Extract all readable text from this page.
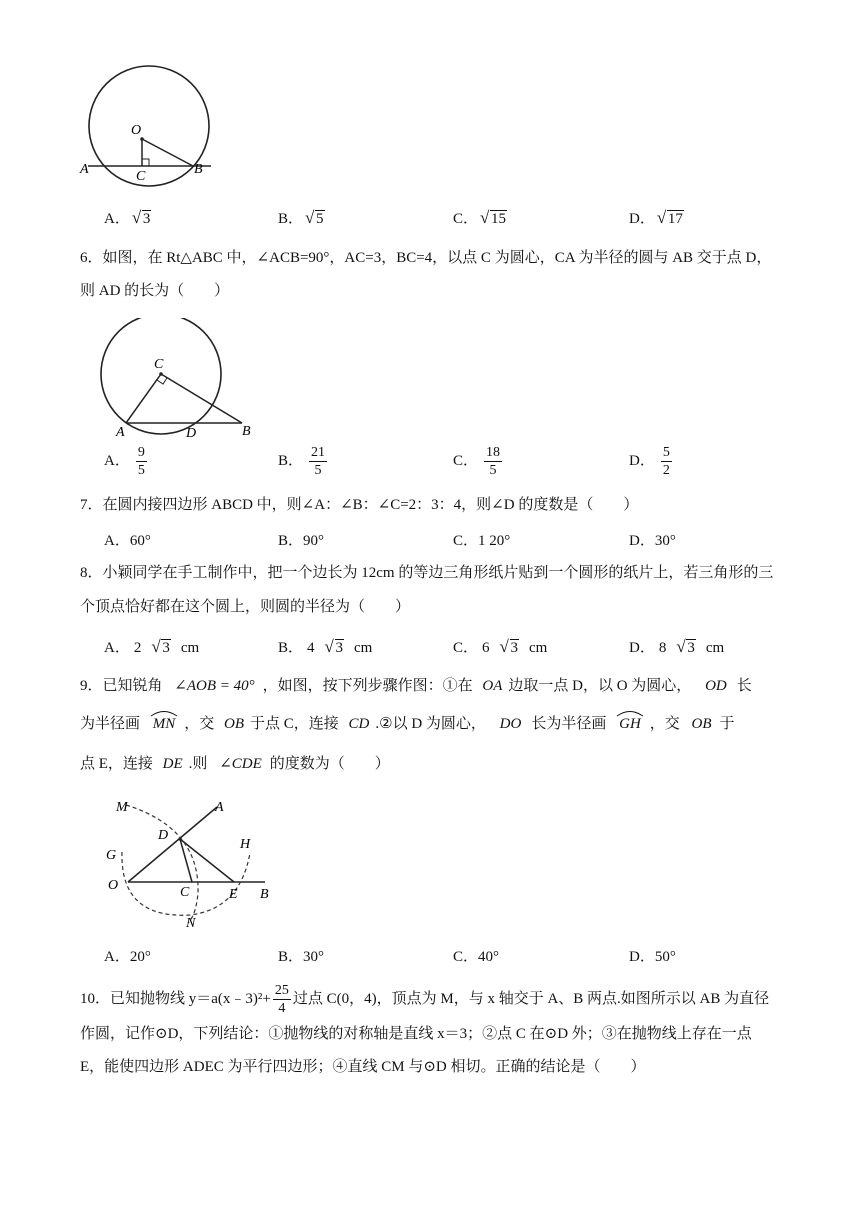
O
A	C	B
A． √ 3	B． √ 5	C． √ 15	D． √ 17
6．如图，在 Rt△ABC 中，∠ACB=90°，AC=3，BC=4，以点 C 为圆心，CA 为半径的圆与 AB 交于点 D，
则 AD 的长为（　　）
C
A	D	B
A． $\frac{9}{5}$	B． $\frac{21}{5}$	C． $\frac{18}{5}$	D． $\frac{5}{2}$
7．在圆内接四边形 ABCD 中，则∠A：∠B：∠C=2：3：4，则∠D 的度数是（　　）
A．60°	B．90°	C．1 20°	D．30°
8．小颖同学在手工制作中，把一个边长为 12cm 的等边三角形纸片贴到一个圆形的纸片上，若三角形的三
个顶点恰好都在这个圆上，则圆的半径为（　　）
A． 2 √ 3 cm	B． 4 √ 3 cm	C． 6 √ 3 cm	D． 8 √ 3 cm
9．已知锐角 ∠AOB = 40° ，如图，按下列步骤作图：①在 OA 边取一点 D，以 O 为圆心， OD 长
为半径画 MN ，交 OB 于点 C，连接 CD .②以 D 为圆心， DO 长为半径画 GH ，交 OB 于
点 E，连接 DE .则 ∠CDE 的度数为（　　）
M	A
D
H
G
O	C	E B
N
A．20°	B．30°	C．40°	D．50°
10．已知抛物线 y＝a(x﹣3)²+ $\frac{25}{4}$ 过点 C(0，4)，顶点为 M，与 x 轴交于 A、B 两点.如图所示以 AB 为直径
作圆，记作⊙D，下列结论：①抛物线的对称轴是直线 x＝3；②点 C 在⊙D 外；③在抛物线上存在一点
E，能使四边形 ADEC 为平行四边形；④直线 CM 与⊙D 相切。正确的结论是（　　）
